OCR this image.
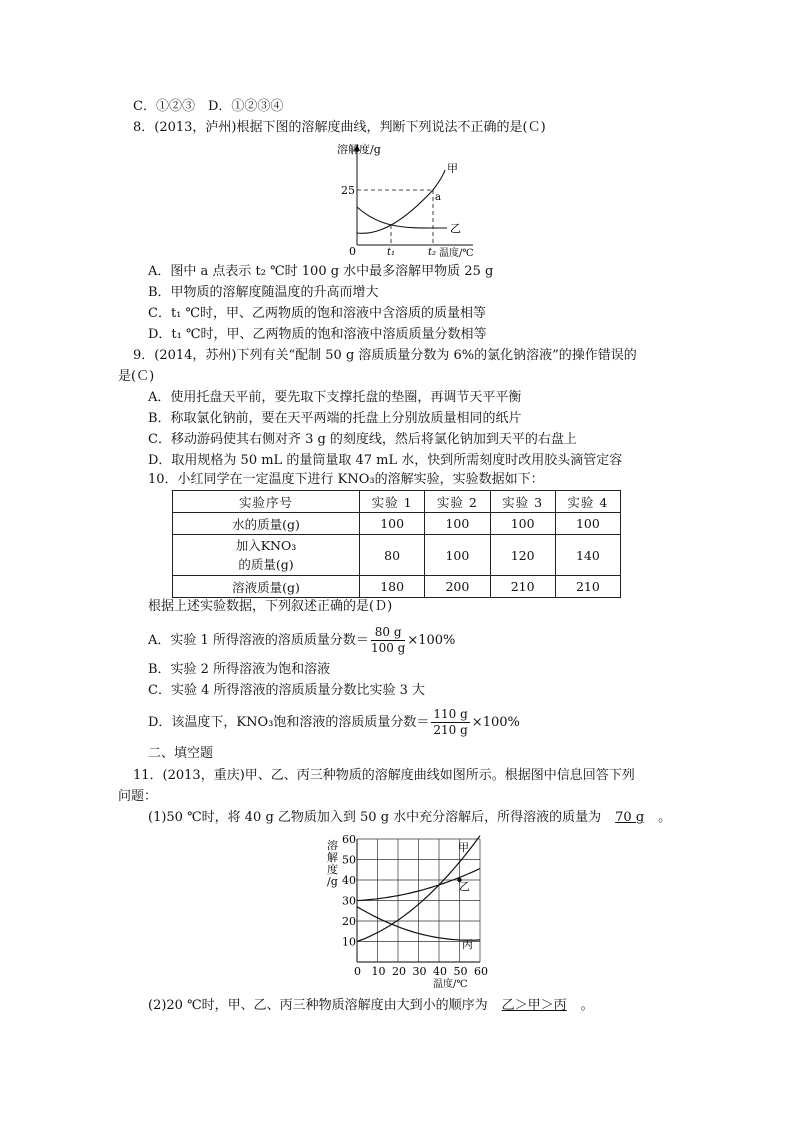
C．①②③　D．①②③④
8．(2013，泸州)根据下图的溶解度曲线，判断下列说法不正确的是(Ｃ)
溶解度/g
25
0	t₁	t₂ 温度/℃
甲
乙
a
A．图中 a 点表示 t₂ ℃时 100 g 水中最多溶解甲物质 25 g
B．甲物质的溶解度随温度的升高而增大
C．t₁ ℃时，甲、乙两物质的饱和溶液中含溶质的质量相等
D．t₁ ℃时，甲、乙两物质的饱和溶液中溶质质量分数相等
9．(2014，苏州)下列有关“配制 50 g 溶质质量分数为 6%的氯化钠溶液”的操作错误的
是(Ｃ)
A．使用托盘天平前，要先取下支撑托盘的垫圈，再调节天平平衡
B．称取氯化钠前，要在天平两端的托盘上分别放质量相同的纸片
C．移动游码使其右侧对齐 3 g 的刻度线，然后将氯化钠加到天平的右盘上
D．取用规格为 50 mL 的量筒量取 47 mL 水，快到所需刻度时改用胶头滴管定容
10．小红同学在一定温度下进行 KNO₃的溶解实验，实验数据如下：
实验序号	实验 1	实验 2	实验 3	实验 4
水的质量(g)	100	100	100	100

加入KNO₃
的质量(g)	80	100	120	140
溶液质量(g)	180	200	210	210
根据上述实验数据，下列叙述正确的是(Ｄ)
A．实验 1 所得溶液的溶质质量分数＝ $\frac{80 g}{100 g} \times 100\%$
B．实验 2 所得溶液为饱和溶液
C．实验 4 所得溶液的溶质质量分数比实验 3 大
D．该温度下，KNO₃饱和溶液的溶质质量分数＝ $\frac{110 g}{210 g} \times 100\%$
二、填空题
11．(2013，重庆)甲、乙、丙三种物质的溶解度曲线如图所示。根据图中信息回答下列
问题：
(1)50 ℃时，将 40 g 乙物质加入到 50 g 水中充分溶解后，所得溶液的质量为 70 g 。
10
20
30
40
50
60
0 10 20 30 40 50 60
溶
解
度
/g
温度/℃
甲
乙
丙
(2)20 ℃时，甲、乙、丙三种物质溶解度由大到小的顺序为 乙＞甲＞丙 。
